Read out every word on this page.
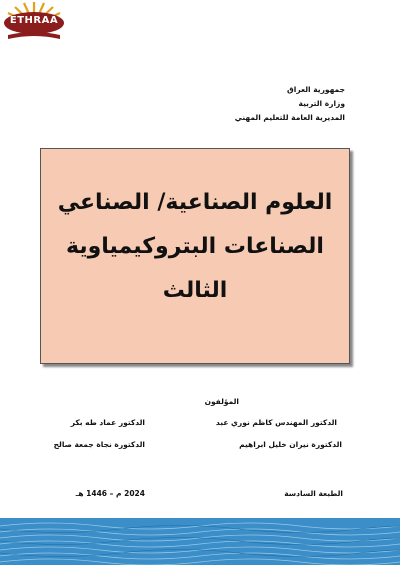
ETHRAA
جمهورية العراق
وزارة التربية
المديرية العامة للتعليم المهني
العلوم الصناعية/ الصناعي
الصناعات البتروكيمياوية
الثالث
المؤلفون
الدكتور المهندس كاظم نوري عبد
الدكتور عماد طه بكر
الدكتورة نيران خليل ابراهيم
الدكتورة نجاة جمعة صالح
الطبعة السادسة
2024 م – 1446 هـ
